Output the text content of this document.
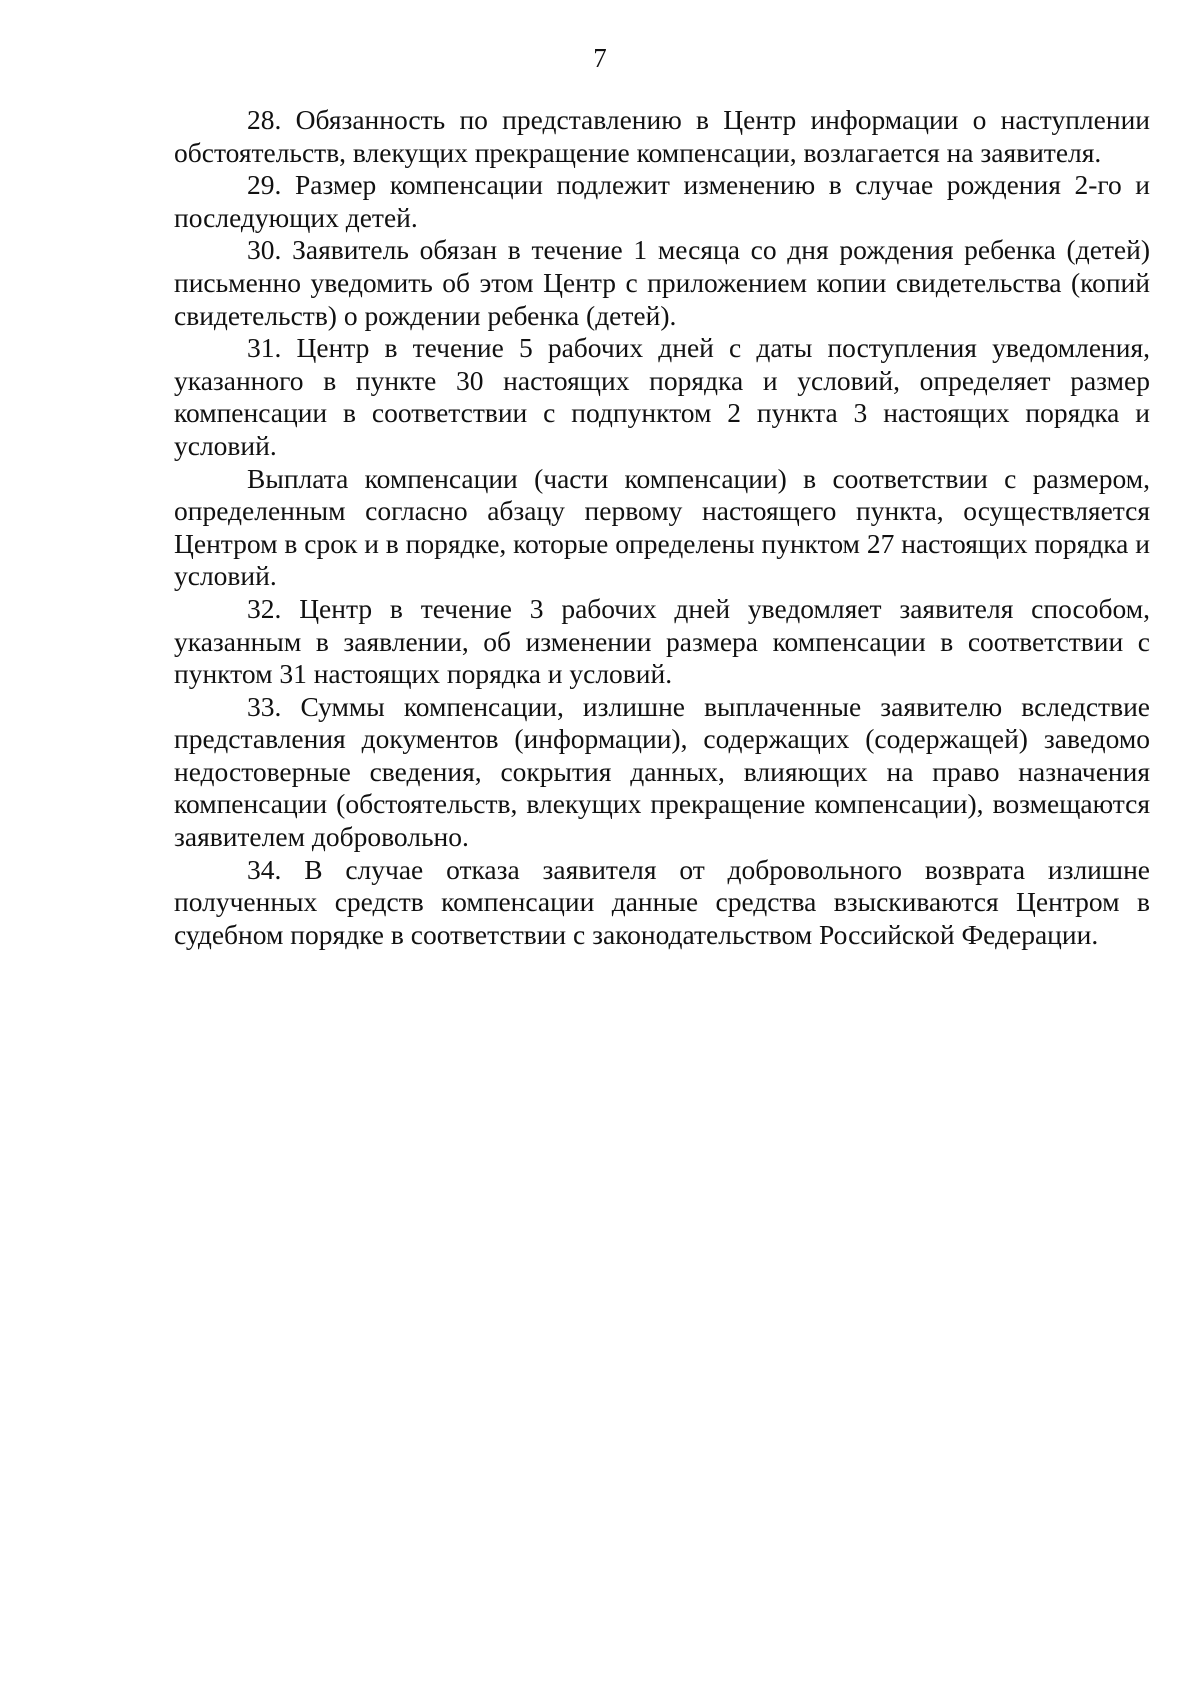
7

28. Обязанность по представлению в Центр информации о наступлении обстоятельств, влекущих прекращение компенсации, возлагается на заявителя.

29. Размер компенсации подлежит изменению в случае рождения 2-го и последующих детей.

30. Заявитель обязан в течение 1 месяца со дня рождения ребенка (детей) письменно уведомить об этом Центр с приложением копии свидетельства (копий свидетельств) о рождении ребенка (детей).

31. Центр в течение 5 рабочих дней с даты поступления уведомления, указанного в пункте 30 настоящих порядка и условий, определяет размер компенсации в соответствии с подпунктом 2 пункта 3 настоящих порядка и условий.

Выплата компенсации (части компенсации) в соответствии с размером, определенным согласно абзацу первому настоящего пункта, осуществляется Центром в срок и в порядке, которые определены пунктом 27 настоящих порядка и условий.

32. Центр в течение 3 рабочих дней уведомляет заявителя способом, указанным в заявлении, об изменении размера компенсации в соответствии с пунктом 31 настоящих порядка и условий.

33. Суммы компенсации, излишне выплаченные заявителю вследствие представления документов (информации), содержащих (содержащей) заведомо недостоверные сведения, сокрытия данных, влияющих на право назначения компенсации (обстоятельств, влекущих прекращение компенсации), возмещаются заявителем добровольно.

34. В случае отказа заявителя от добровольного возврата излишне полученных средств компенсации данные средства взыскиваются Центром в судебном порядке в соответствии с законодательством Российской Федерации.
